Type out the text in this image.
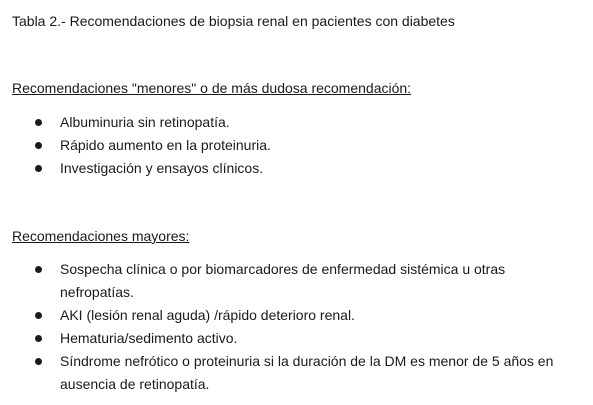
Tabla 2.- Recomendaciones de biopsia renal en pacientes con diabetes
Recomendaciones "menores" o de más dudosa recomendación:
Albuminuria sin retinopatía.
Rápido aumento en la proteinuria.
Investigación y ensayos clínicos.
Recomendaciones mayores:
Sospecha clínica o por biomarcadores de enfermedad sistémica u otras nefropatías.
AKI (lesión renal aguda) /rápido deterioro renal.
Hematuria/sedimento activo.
Síndrome nefrótico o proteinuria si la duración de la DM es menor de 5 años en ausencia de retinopatía.
